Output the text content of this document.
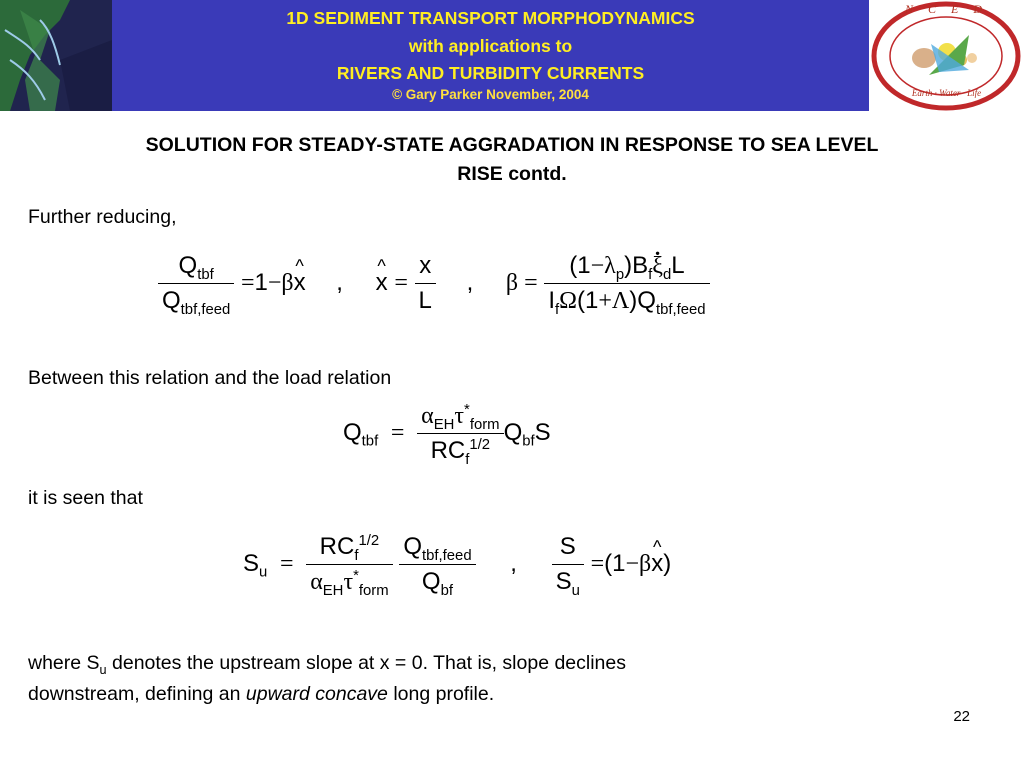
1D SEDIMENT TRANSPORT MORPHODYNAMICS
with applications to
RIVERS AND TURBIDITY CURRENTS
© Gary Parker November, 2004
N C E D
Earth · Water · Life
SOLUTION FOR STEADY-STATE AGGRADATION IN RESPONSE TO SEA LEVEL
RISE contd.
Further reducing,
$\frac{Q_{tbf}}{Q_{tbf,feed}} =1-\beta x$ ^ , x ^ = $\frac{x}{L}$ , $\beta = \frac{(1-\lambda_p)B_f\xi ._dL}{I_f\Omega(1+\Lambda)Q_{tbf,feed}}$
Between this relation and the load relation
$Q_{tbf} = \frac{\alpha_{EH}\tau^*_{form}}{RC_f^{1/2}} Q_{bf}S$
it is seen that
$S_u = \frac{RC_f^{1/2}}{\alpha_{EH}\tau^*_{form}}$
$\frac{Q_{tbf,feed}}{Q_{bf}}$ , $\frac{S}{S_u} =(1-\beta x$ ^)
where $S_u$ denotes the upstream slope at x = 0. That is, slope declines
downstream, defining an upward concave long profile.
22
